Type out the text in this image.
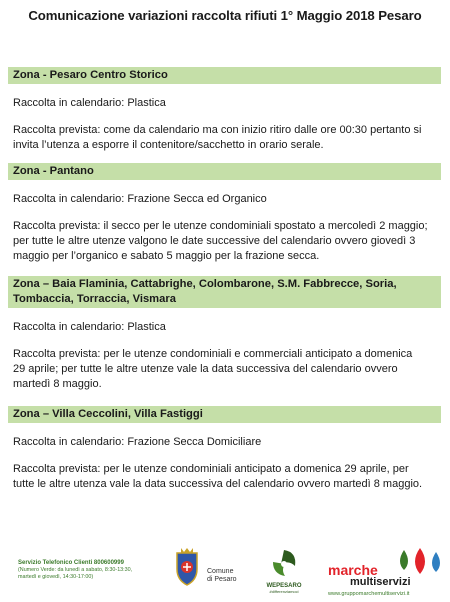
Comunicazione variazioni raccolta rifiuti 1° Maggio 2018 Pesaro
Zona - Pesaro Centro Storico
Raccolta in calendario: Plastica
Raccolta prevista: come da calendario ma con inizio ritiro dalle ore 00:30 pertanto si
invita l’utenza a esporre il contenitore/sacchetto in orario serale.
Zona - Pantano
Raccolta in calendario: Frazione Secca ed Organico
Raccolta prevista: il secco per le utenze condominiali spostato a mercoledì 2 maggio;
per tutte le altre utenze valgono le date successive del calendario ovvero giovedì 3
maggio per l’organico e sabato 5 maggio per la frazione secca.
Zona – Baia Flaminia, Cattabrighe, Colombarone, S.M. Fabbrecce, Soria,
Tombaccia, Torraccia, Vismara
Raccolta in calendario: Plastica
Raccolta prevista: per le utenze condominiali e commerciali anticipato a domenica
29 aprile; per tutte le altre utenze vale la data successiva del calendario ovvero
martedì 8 maggio.
Zona – Villa Ceccolini, Villa Fastiggi
Raccolta in calendario: Frazione Secca Domiciliare
Raccolta prevista: per le utenze condominiali anticipato a domenica 29 aprile, per
tutte le altre utenza vale la data successiva del calendario ovvero martedì 8 maggio.
Servizio Telefonico Clienti 800600999
(Numero Verde: da lunedì a sabato, 8:30-13:30,
martedì e giovedì, 14:30-17:00)
Comune
di Pesaro
WEPESARO
#differenziamoci
marche
multiservizi
www.gruppomarchemultiservizi.it
